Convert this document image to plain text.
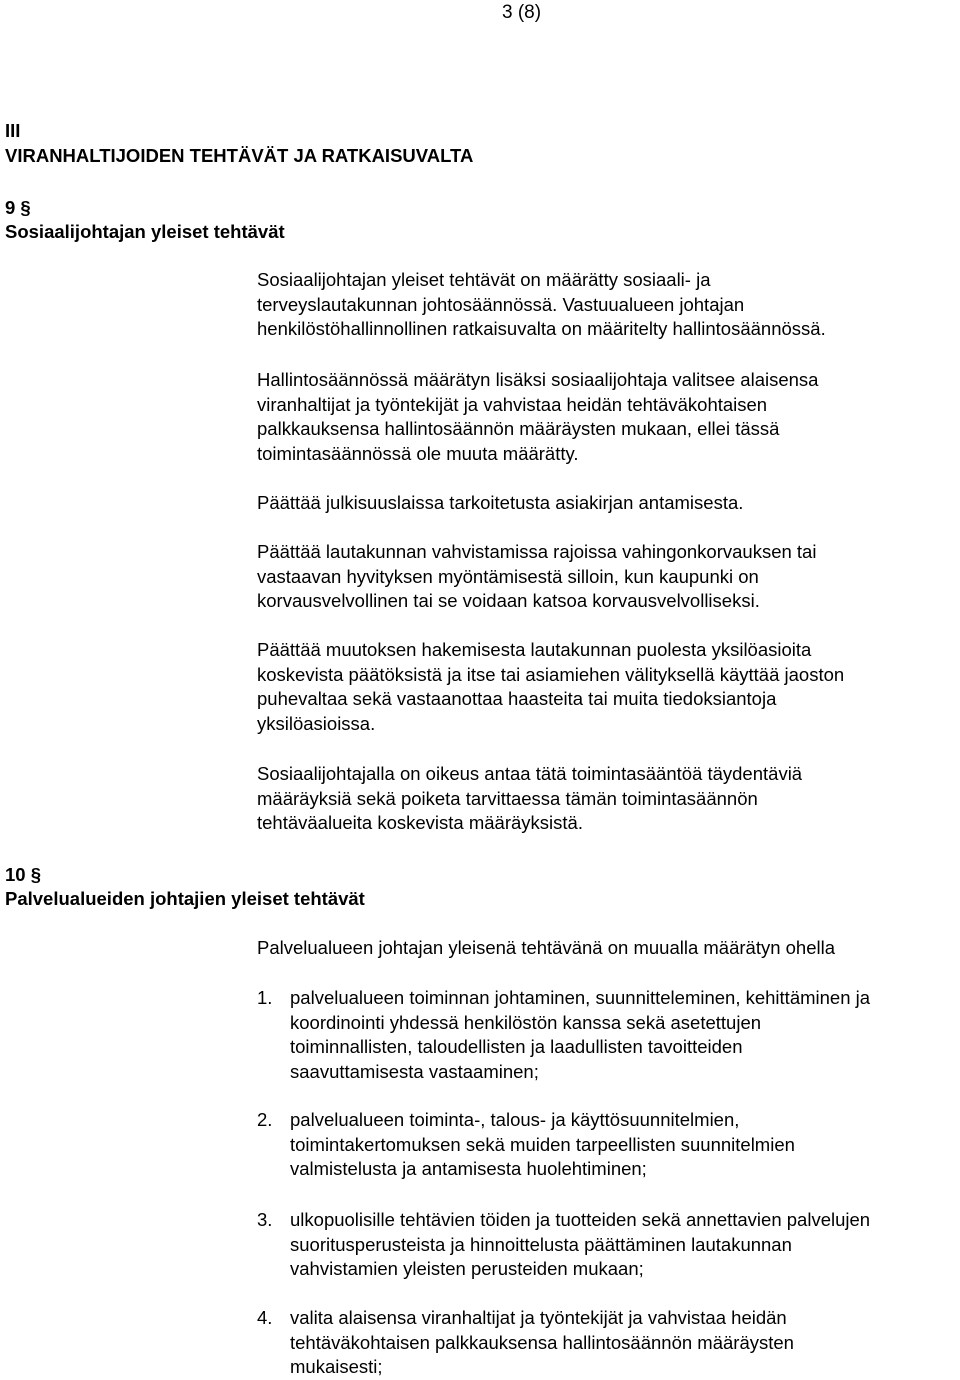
3 (8)
III
VIRANHALTIJOIDEN TEHTÄVÄT JA RATKAISUVALTA
9 §
Sosiaalijohtajan yleiset tehtävät
Sosiaalijohtajan yleiset tehtävät on määrätty sosiaali- ja
terveyslautakunnan johtosäännössä. Vastuualueen johtajan
henkilöstöhallinnollinen ratkaisuvalta on määritelty hallintosäännössä.
Hallintosäännössä määrätyn lisäksi sosiaalijohtaja valitsee alaisensa
viranhaltijat ja työntekijät ja vahvistaa heidän tehtäväkohtaisen
palkkauksensa hallintosäännön määräysten mukaan, ellei tässä
toimintasäännössä ole muuta määrätty.
Päättää julkisuuslaissa tarkoitetusta asiakirjan antamisesta.
Päättää lautakunnan vahvistamissa rajoissa vahingonkorvauksen tai
vastaavan hyvityksen myöntämisestä silloin, kun kaupunki on
korvausvelvollinen tai se voidaan katsoa korvausvelvolliseksi.
Päättää muutoksen hakemisesta lautakunnan puolesta yksilöasioita
koskevista päätöksistä ja itse tai asiamiehen välityksellä käyttää jaoston
puhevaltaa sekä vastaanottaa haasteita tai muita tiedoksiantoja
yksilöasioissa.
Sosiaalijohtajalla on oikeus antaa tätä toimintasääntöä täydentäviä
määräyksiä sekä poiketa tarvittaessa tämän toimintasäännön
tehtäväalueita koskevista määräyksistä.
10 §
Palvelualueiden johtajien yleiset tehtävät
Palvelualueen johtajan yleisenä tehtävänä on muualla määrätyn ohella
1. palvelualueen toiminnan johtaminen, suunnitteleminen, kehittäminen ja
koordinointi yhdessä henkilöstön kanssa sekä asetettujen
toiminnallisten, taloudellisten ja laadullisten tavoitteiden
saavuttamisesta vastaaminen;
2. palvelualueen toiminta-, talous- ja käyttösuunnitelmien,
toimintakertomuksen sekä muiden tarpeellisten suunnitelmien
valmistelusta ja antamisesta huolehtiminen;
3. ulkopuolisille tehtävien töiden ja tuotteiden sekä annettavien palvelujen
suoritusperusteista ja hinnoittelusta päättäminen lautakunnan
vahvistamien yleisten perusteiden mukaan;
4. valita alaisensa viranhaltijat ja työntekijät ja vahvistaa heidän
tehtäväkohtaisen palkkauksensa hallintosäännön määräysten
mukaisesti;
